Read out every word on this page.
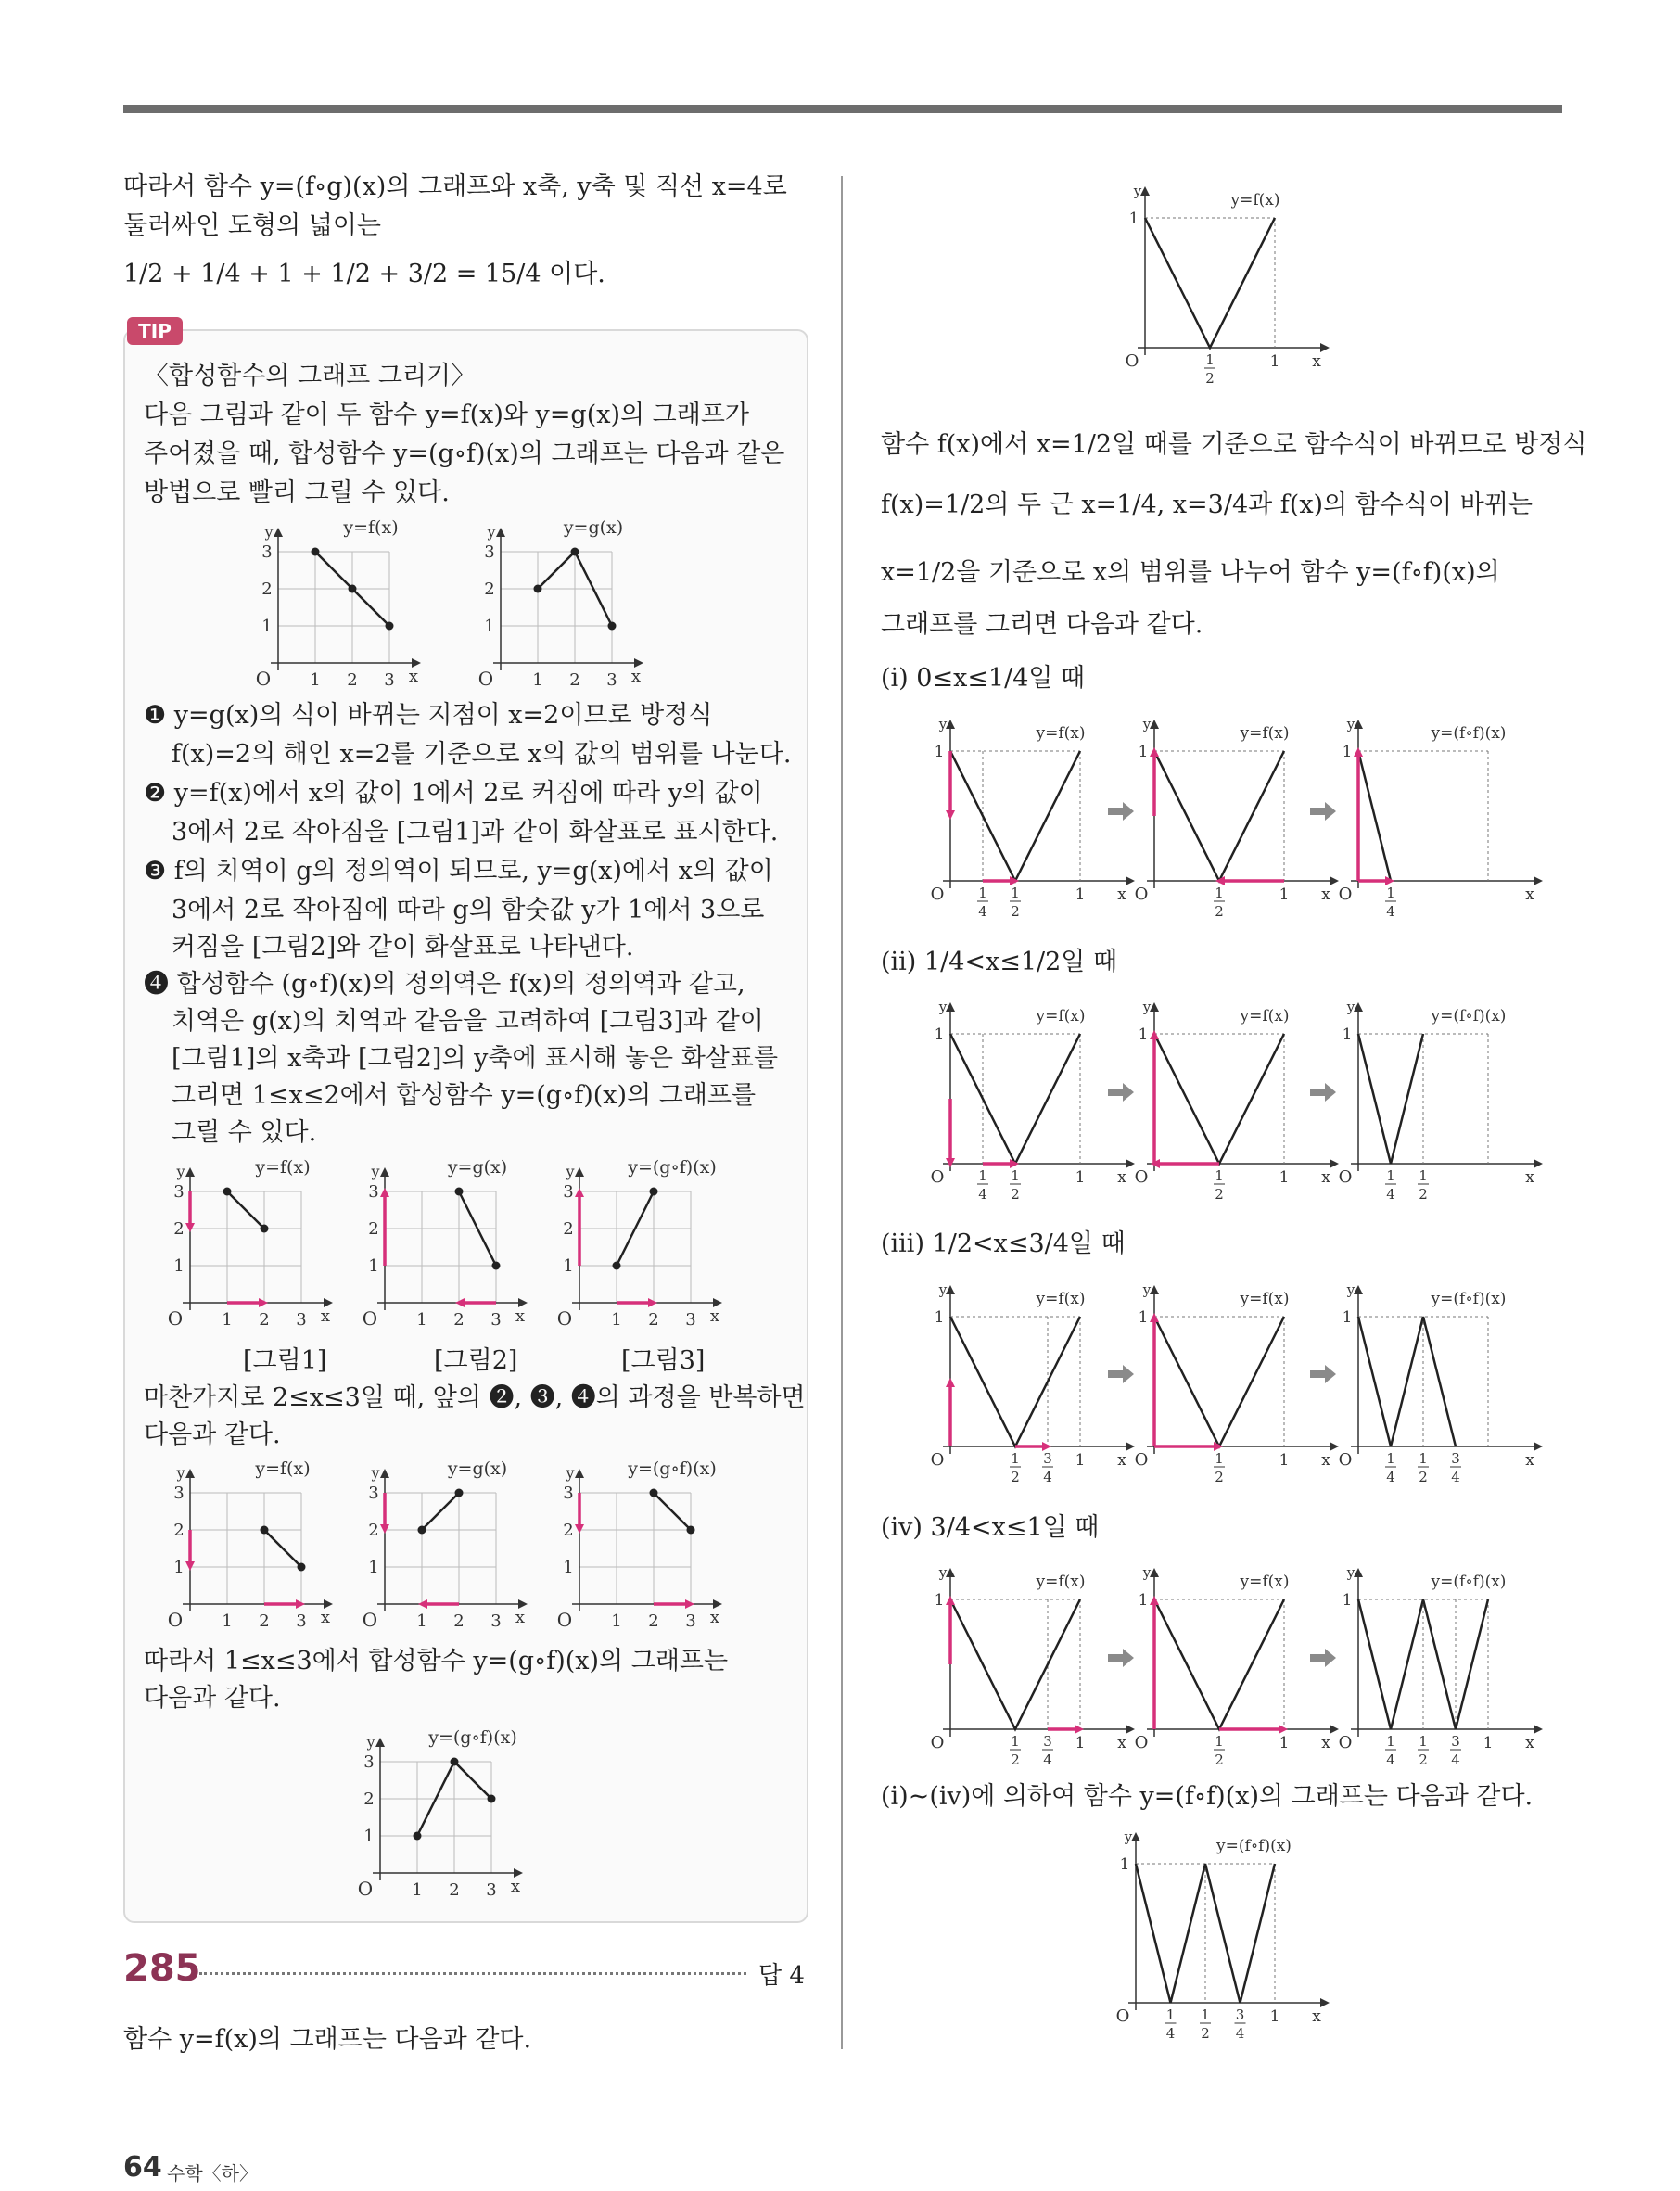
따라서 함수 y=(f∘g)(x)의 그래프와 x축, y축 및 직선 x=4로
둘러싸인 도형의 넓이는
1/2 + 1/4 + 1 + 1/2 + 3/2 = 15/4 이다.
TIP
〈합성함수의 그래프 그리기〉
다음 그림과 같이 두 함수 y=f(x)와 y=g(x)의 그래프가
주어졌을 때, 합성함수 y=(g∘f)(x)의 그래프는 다음과 같은
방법으로 빨리 그릴 수 있다.
❶ y=g(x)의 식이 바뀌는 지점이 x=2이므로 방정식
f(x)=2의 해인 x=2를 기준으로 x의 값의 범위를 나눈다.
❷ y=f(x)에서 x의 값이 1에서 2로 커짐에 따라 y의 값이
3에서 2로 작아짐을 [그림1]과 같이 화살표로 표시한다.
❸ f의 치역이 g의 정의역이 되므로, y=g(x)에서 x의 값이
3에서 2로 작아짐에 따라 g의 함숫값 y가 1에서 3으로
커짐을 [그림2]와 같이 화살표로 나타낸다.
❹ 합성함수 (g∘f)(x)의 정의역은 f(x)의 정의역과 같고,
치역은 g(x)의 치역과 같음을 고려하여 [그림3]과 같이
[그림1]의 x축과 [그림2]의 y축에 표시해 놓은 화살표를
그리면 1≤x≤2에서 합성함수 y=(g∘f)(x)의 그래프를
그릴 수 있다.
[그림1]	[그림2]	[그림3]
마찬가지로 2≤x≤3일 때, 앞의 ❷, ❸, ❹의 과정을 반복하면
다음과 같다.
따라서 1≤x≤3에서 합성함수 y=(g∘f)(x)의 그래프는
다음과 같다.
285	답 4
함수 y=f(x)의 그래프는 다음과 같다.
64 수학〈하〉
함수 f(x)에서 x=1/2일 때를 기준으로 함수식이 바뀌므로 방정식
f(x)=1/2의 두 근 x=1/4, x=3/4과 f(x)의 함수식이 바뀌는
x=1/2을 기준으로 x의 범위를 나누어 함수 y=(f∘f)(x)의
그래프를 그리면 다음과 같다.
(i) 0≤x≤1/4일 때
(ii) 1/4<x≤1/2일 때
(iii) 1/2<x≤3/4일 때
(iv) 3/4<x≤1일 때
(i)~(iv)에 의하여 함수 y=(f∘f)(x)의 그래프는 다음과 같다.
1
1
2
2
3
3
O	x
y	y=f(x)
1
1
2
2
3
3
O	x
y	y=g(x)
1
1
2
2
3
3
O	x
y	y=f(x)
1
1
2
2
3
3
O	x
y	y=g(x)
1
1
2
2
3
3
O	x
y	y=(g∘f)(x)
1
1
2
2
3
3
O	x
y	y=f(x)
1
1
2
2
3
3
O	x
y	y=g(x)
1
1
2
2
3
3
O	x
y	y=(g∘f)(x)
1
1
2
2
3
3
O	x
y	y=(g∘f)(x)
1
O	x
y	y=f(x)
1
2
1
1
O	x
y	y=f(x)
1
4
1
2
1
1
O	x
y	y=f(x)
1
2
1
1
O	x
y	y=(f∘f)(x)
1
4
1
O	x
y	y=f(x)
1
4
1
2
1
1
O	x
y	y=f(x)
1
2
1
1
O	x
y	y=(f∘f)(x)
1
4
1
2
1
O	x
y	y=f(x)
1
2
3
4
1
1
O	x
y	y=f(x)
1
2
1
1
O	x
y	y=(f∘f)(x)
1
4
1
2
3
4
1
O	x
y	y=f(x)
1
2
3
4
1
1
O	x
y	y=f(x)
1
2
1
1
O	x
y	y=(f∘f)(x)
1
4
1
2
3
4
1
1
O	x
y	y=(f∘f)(x)
1
4
1
2
3
4
1
